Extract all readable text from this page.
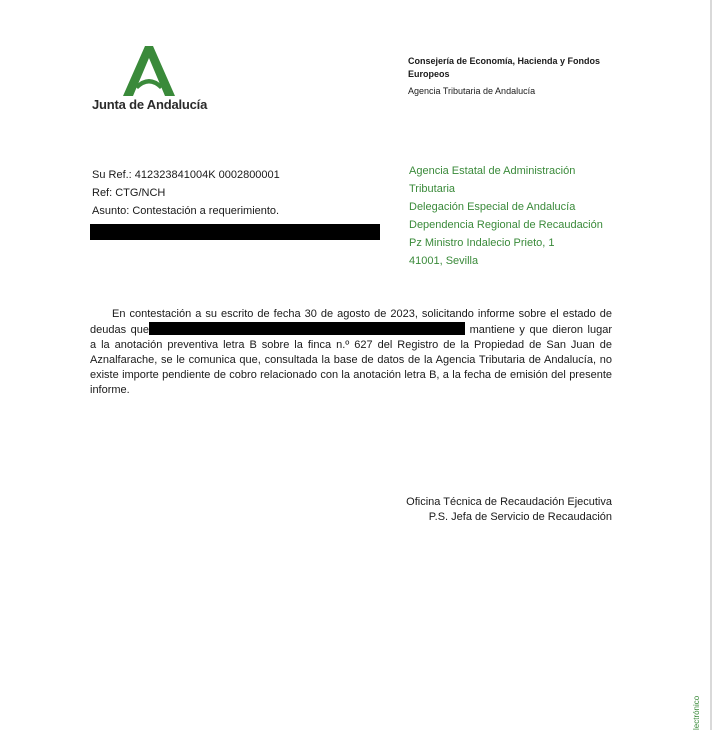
Junta de Andalucía
Consejería de Economía, Hacienda y Fondos Europeos
Agencia Tributaria de Andalucía
Su Ref.: 412323841004K 0002800001
Ref: CTG/NCH
Asunto: Contestación a requerimiento.
Agencia Estatal de Administración
Tributaria
Delegación Especial de Andalucía
Dependencia Regional de Recaudación
Pz Ministro Indalecio Prieto, 1
41001, Sevilla

En contestación a su escrito de fecha 30 de agosto de 2023, solicitando informe sobre el estado de deudas que	mantiene y que dieron lugar a la anotación preventiva letra B sobre la finca n.º 627 del Registro de la Propiedad de San Juan de Aznalfarache, se le comunica que, consultada la base de datos de la Agencia Tributaria de Andalucía, no existe importe pendiente de cobro relacionado con la anotación letra B, a la fecha de emisión del presente informe.

Oficina Técnica de Recaudación Ejecutiva
P.S. Jefa de Servicio de Recaudación
lectrónico
